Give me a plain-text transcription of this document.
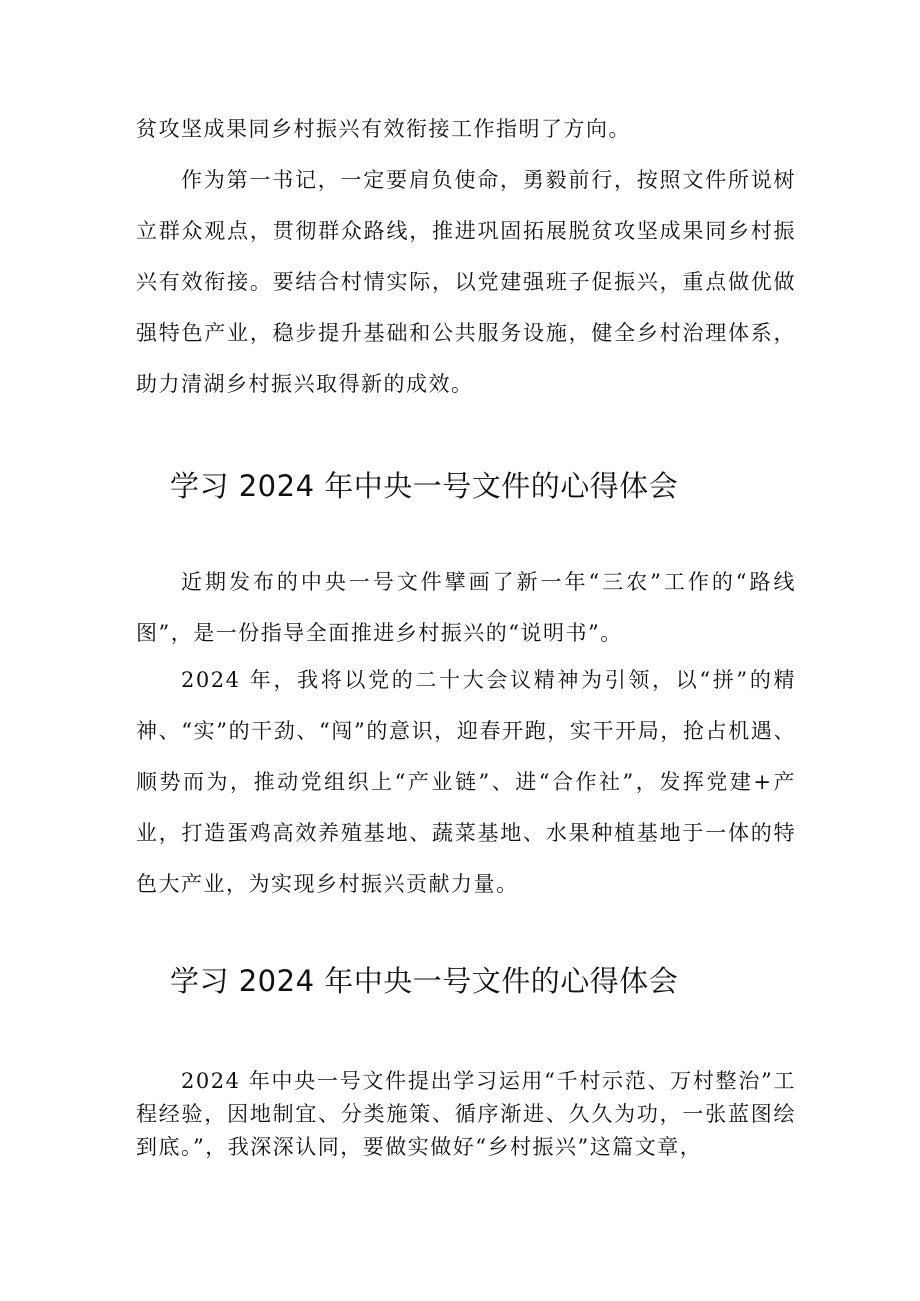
贫攻坚成果同乡村振兴有效衔接工作指明了方向。

作为第一书记，一定要肩负使命，勇毅前行，按照文件所说树立群众观点，贯彻群众路线，推进巩固拓展脱贫攻坚成果同乡村振兴有效衔接。要结合村情实际，以党建强班子促振兴，重点做优做强特色产业，稳步提升基础和公共服务设施，健全乡村治理体系，助力清湖乡村振兴取得新的成效。

学习 2024 年中央一号文件的心得体会

近期发布的中央一号文件擘画了新一年“三农”工作的“路线图”，是一份指导全面推进乡村振兴的“说明书”。

2024 年，我将以党的二十大会议精神为引领，以“拼”的精神、“实”的干劲、“闯”的意识，迎春开跑，实干开局，抢占机遇、顺势而为，推动党组织上“产业链”、进“合作社”，发挥党建+产业，打造蛋鸡高效养殖基地、蔬菜基地、水果种植基地于一体的特色大产业，为实现乡村振兴贡献力量。

学习 2024 年中央一号文件的心得体会

2024 年中央一号文件提出学习运用“千村示范、万村整治”工程经验，因地制宜、分类施策、循序渐进、久久为功，一张蓝图绘到底。”，我深深认同，要做实做好“乡村振兴”这篇文章，
